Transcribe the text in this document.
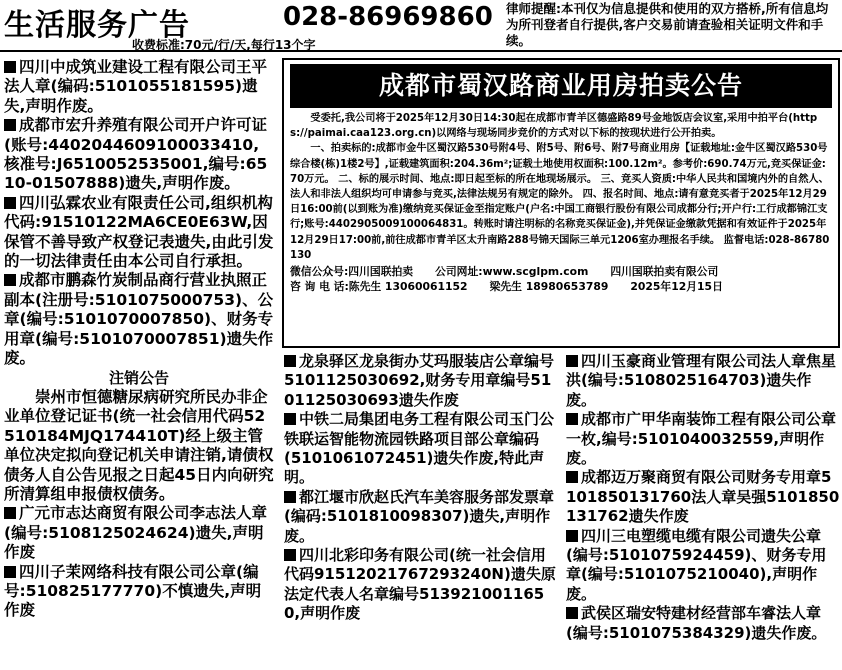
生活服务广告	028-86969860
收费标准:70元/行/天,每行13个字
律师提醒:本刊仅为信息提供和使用的双方搭桥,所有信息均为所刊登者自行提供,客户交易前请查验相关证明文件和手续。
四川中成筑业建设工程有限公司王平法人章(编码:5101055181595)遗失,声明作废。
成都市宏升养殖有限公司开户许可证(账号:4402044609100033410,核准号:J6510052535001,编号:6510-01507888)遗失,声明作废。
四川弘霖农业有限责任公司,组织机构代码:91510122MA6CE0E63W,因保管不善导致产权登记表遗失,由此引发的一切法律责任由本公司自行承担。
成都市鹏森竹炭制品商行营业执照正副本(注册号:5101075000753)、公章(编号:5101070007850)、财务专用章(编号:5101070007851)遗失作废。
注销公告
崇州市恒德糖尿病研究所民办非企业单位登记证书(统一社会信用代码52510184MJQ174410T)经上级主管单位决定拟向登记机关申请注销,请债权债务人自公告见报之日起45日内向研究所清算组申报债权债务。
广元市志达商贸有限公司李志法人章(编号:5108125024624)遗失,声明作废
四川子茉网络科技有限公司公章(编号:510825177770)不慎遗失,声明作废
成都市蜀汉路商业用房拍卖公告

受委托,我公司将于2025年12月30日14:30起在成都市青羊区德盛路89号金地饭店会议室,采用中拍平台(https://paimai.caa123.org.cn)以网络与现场同步竞价的方式对以下标的按现状进行公开拍卖。

一、拍卖标的:成都市金牛区蜀汉路530号附4号、附5号、附6号、附7号商业用房【证载地址:金牛区蜀汉路530号综合楼(栋)1楼2号】,证载建筑面积:204.36m²;证载土地使用权面积:100.12m²。参考价:690.74万元,竞买保证金:70万元。 二、标的展示时间、地点:即日起至标的所在地现场展示。 三、竞买人资质:中华人民共和国境内外的自然人、法人和非法人组织均可申请参与竞买,法律法规另有规定的除外。 四、报名时间、地点:请有意竞买者于2025年12月29日16:00前(以到账为准)缴纳竞买保证金至指定账户(户名:中国工商银行股份有限公司成都分行;开户行:工行成都锦江支行;账号:4402905009100064831。转账时请注明标的名称竞买保证金),并凭保证金缴款凭据和有效证件于2025年12月29日17:00前,前往成都市青羊区太升南路288号锦天国际三单元1206室办理报名手续。 监督电话:028-86780130

微信公众号:四川国联拍卖 公司网址:www.scglpm.com 四川国联拍卖有限公司
咨 询 电 话:陈先生 13060061152 梁先生 18980653789 2025年12月15日
龙泉驿区龙泉街办艾玛服装店公章编号5101125030692,财务专用章编号5101125030693遗失作废
中铁二局集团电务工程有限公司玉门公铁联运智能物流园铁路项目部公章编码(5101061072451)遗失作废,特此声明。
都江堰市欣赵氏汽车美容服务部发票章(编码:5101810098307)遗失,声明作废。
四川北彩印务有限公司(统一社会信用代码91512021767293240N)遗失原法定代表人名章编号5139210011650,声明作废
四川玉豪商业管理有限公司法人章焦星洪(编号:5108025164703)遗失作废。
成都市广甲华南装饰工程有限公司公章一枚,编号:5101040032559,声明作废。
成都迈万聚商贸有限公司财务专用章5101850131760法人章吴强5101850131762遗失作废
四川三电塑缆电缆有限公司遗失公章(编号:5101075924459)、财务专用章(编号:5101075210040),声明作废。
武侯区瑞安特建材经营部车睿法人章(编号:5101075384329)遗失作废。
